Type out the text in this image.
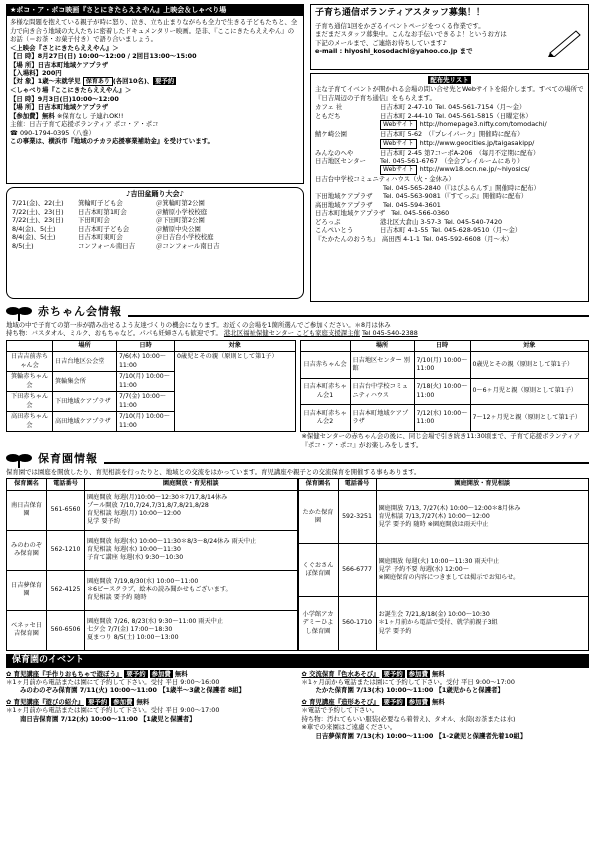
★ポコ・ア・ポコ映画『さとにきたらええやん』上映会＆しゃべり場
多様な問題を抱えている親子が時に怒り、泣き、立ち止まりながらも全力で生きる子どもたちと、全力で向き合う地域の大人たちに密着したドキュメンタリー映画。是非、『ここにきたらええやん』のお話（＝お茶・お菓子付き）で語り合いましょう。
＜上映会『さとにきたらええやん』＞
【日 時】8月27日(日) 10:00～12:00 / 2回目13:00～15:00
【場 所】日吉本町地域ケアプラザ
【入場料】200円
【対 象】1歳～未就学児 保育あり (各回10名)、 要予約
＜しゃべり場『ここにきたらええやん』＞
【日 時】9月3日(日)10:00～12:00
【場 所】日吉本町地域ケアプラザ
【参加費】無料 ※保育なし 子連れOK!!
主催：日吉子育て応援ボランティア ポコ・ア・ポコ
☎ 090-1794-0395（八巻）
この事業は、横浜市『地域のチカラ応援事業補助金』を受けています。
♪吉田盆踊り大会♪
7/21(金)、22(土)	箕輪町子ども会	＠箕輪町第2公園
7/22(土)、23(日)	日吉本町第1町会	＠鯖原小学校校庭
7/22(土)、23(日)	下田町町会	＠下田町第2公園
8/4(金)、5(土)	日吉本町子ども会	＠鯖原中央公園
8/4(金)、5(土)	日吉本町東町会	＠日吉台小学校校庭
8/5(土)	コンフォール南日吉	＠コンフォール南日吉
子育ち通信ボランティアスタッフ募集！！
子育ち通信1回をかざるイベントページをつくる作業です。
まだまだスタッフ募集中。こんなお手伝いできるよ！というお方は
下記のメールまで、ご連絡お待ちしています♪
e-mail : hiyoshi_kosodachi@yahoo.co.jp まで
配布先リスト
主な子育てイベントが開かれる会場の問い合せ先とWebサイトを紹介します。すべての場所で『日吉周辺の子育ち通信』をもらえます。
カフェ 社	日吉本町 2-47-10 Tel. 045-561-7154（月～金）
ともだち	日吉本町 2-44-10 Tel. 045-561-5815（日曜定休）
Webサイト http://homepage3.nifty.com/tomodachi/
鯖ケ崎公園	日吉本町 5-62 （『プレイパーク』開催時に配布）
Webサイト http://www.geocities.jp/taigasakipp/
みんなのへや	日吉本町 2-45 第7コーポA-206 （毎月不定期に配布）
日吉地区センター	Tel. 045-561-6767 （全会プレイルームにあり）
Webサイト http://www18.ocn.ne.jp/~hiyosics/
日吉台中学校コミュニティハウス（火・金休み）
Tel. 045-565-2840（『はぴふらんす』開催時に配布）
下田地域ケアプラザ	Tel. 045-563-9081（『すてっぷ』開催時に配布）
高田地域ケアプラザ	Tel. 045-594-3601
日吉本町地域ケアプラザ Tel. 045-566-0360
どろっぷ	港北区大倉山 3-57-3 Tel. 045-540-7420
こんぺいとう	日吉本町 4-1-55 Tel. 045-628-9510（月～金）
『たかたんのおうち』 高田西 4-1-1 Tel. 045-592-6608（月～木）
赤ちゃん会情報
地域の中で子育ての第一歩が踏み出せるよう友達づくりの機会になります。お近くの会場を1箇所選んでご参加ください。＊8月は休み
持ち物：バスタオル、ミルク、おもちゃなど。パパも妊婦さんも歓迎です。 港北区福祉保健センター こども家庭支援課主催 Tel 045-540-2388
	場所	日時	対象
日吉吉前赤ちゃん会	日吉台地区公会堂	7/6(木) 10:00～11:00	0歳児とその親（原則として第1子）
箕輪赤ちゃん会	箕輪集会所	7/10(月) 10:00～11:00	
下田赤ちゃん会	下田地域ケアプラザ	7/7(金) 10:00～11:00	
高田赤ちゃん会	高田地域ケアプラザ	7/10(月) 10:00～11:00	
	場所	日時	対象
日吉赤ちゃん会	日吉地区センター 別館	7/10(月) 10:00～11:00	0歳児とその親（原則として第1子）
日吉本町赤ちゃん会1	日吉台中学校コミュニティハウス	7/18(火) 10:00～11:00	0～6ヶ月児と親（原則として第1子）
日吉本町赤ちゃん会2	日吉本町地域ケアプラザ	7/12(水) 10:00～11:00	7～12ヶ月児と親（原則として第1子）
※保健センターの赤ちゃん会の後に、同じ会場で引き続き11:30頃まで、子育て応援ボランティア『ポコ・ア・ポコ』がお楽しみをします。
保育園情報
保育園では園庭を開放したり、育児相談を行ったりと、地域との交流をはかっています。育児講座や親子との交流保育を開催する事もあります。
保育園名	電話番号	園庭開放・育児相談
南日吉保育園	561-6560	園庭開放 毎週(月)10:00～12:30＊7/17,8/14休み
プール開放 7/10,7/24,7/31,8/7,8/21,8/28
育児相談 毎週(月) 10:00～12:00
見学 要予約

みのわのぞみ保育園	562-1210	園庭開放 毎週(水) 10:00～11:30＊8/3～8/24休み 雨天中止
育児相談 毎週(水) 10:00～11:30
子育て講座 毎週(水) 9:30～10:30

日吉夢保育園	562-4125	園庭開放 7/19,8/30(水) 10:00～11:00
＊6ピースクラブ、絵本の読み聞かせもございます。
育児相談 要予約 随時

ベネッセ日吉保育園	560-6506	園庭開放 7/26, 8/23(水) 9:30～11:00 雨天中止
七夕会 7/7(金) 17:00～18:30
夏まつり 8/5(土) 10:00～13:00
保育園名	電話番号	園庭開放・育児相談
たかた保育園	592-3251	園庭開放 7/13, 7/27(木) 10:00～12:00＊8月休み
育児相談 7/13,7/27(木) 10:00～12:00
見学 要予約 随時 ※園庭開放は雨天中止

くぐおさんぽ保育園	566-6777	園庭開放 毎週(火) 10:00～11:30 雨天中止
見学 予約不要 毎週(水) 12:00～
※園庭保育の内容につきましては掲示でお知らせ。

小学館アカデミーひよし保育園	560-1710	お誕生会 7/21,8/18(金) 10:00～10:30
＊1ヶ月前から電話で受付、就学前親子3組
見学 要予約
保育園のイベント
✿ 育児講座『手作りおもちゃで遊ぼう』 要予約 参加費 無料
＊1ヶ月前から電話または園にて予約して下さい。受付 平日 9:00～16:00
みのわのぞみ保育園 7/11(火) 10:00～11:00 【1歳半～3歳と保護者 8組】
✿ 育児講座『遊びの紹介』 要予約 参加費 無料
＊1ヶ月前から電話または園にて予約して下さい。受付 平日 9:00～17:00
南日吉保育園 7/12(水) 10:00～11:00 【1歳児と保護者】
✿ 交流保育『色水あそび』 要予約 参加費 無料
＊1ヶ月前から電話または園にて予約して下さい。受付 平日 9:00～17:00
たかた保育園 7/13(木) 10:00～11:00 【1歳児からと保護者】
✿ 育児講座『造形あそび』 要予約 参加費 無料
＊電話で予約して下さい。
持ち物：汚れてもいい服装(必要なら着替え)、タオル、水筒(お茶または水)
※車での来園はご遠慮ください。
日吉夢保育園 7/13(木) 10:00～11:00 【1-2歳児と保護者先着10組】
